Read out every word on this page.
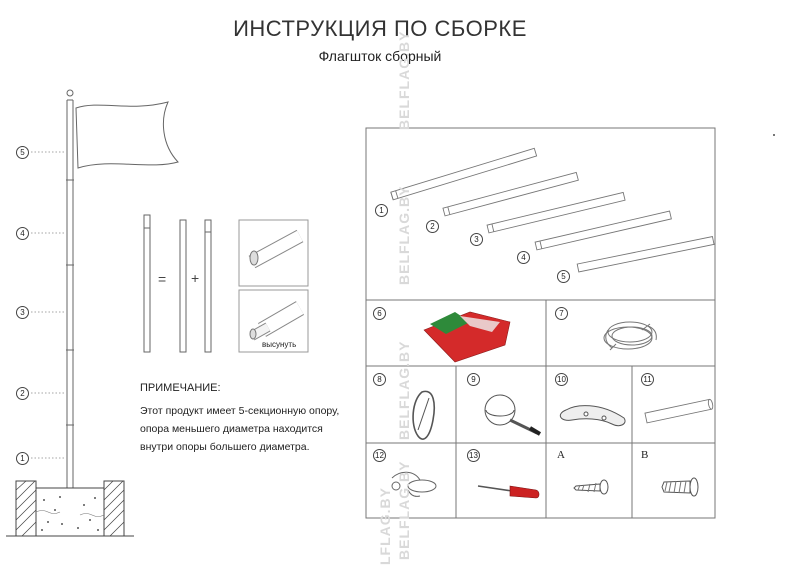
ИНСТРУКЦИЯ ПО СБОРКЕ
Флагшток сборный
5
4
3
2
1
= +
высунуть
ПРИМЕЧАНИЕ:
Этот продукт имеет 5-секционную опору, опора меньшего диаметра находится внутри опоры большего диаметра.
1
2
3
4
5
6	7
8	9	10	11
12	13	A	B
BELFLAG.BY
BELFLAG.BY
BELFLAG.BY
BELFLAG.BY
LFLAG.BY
